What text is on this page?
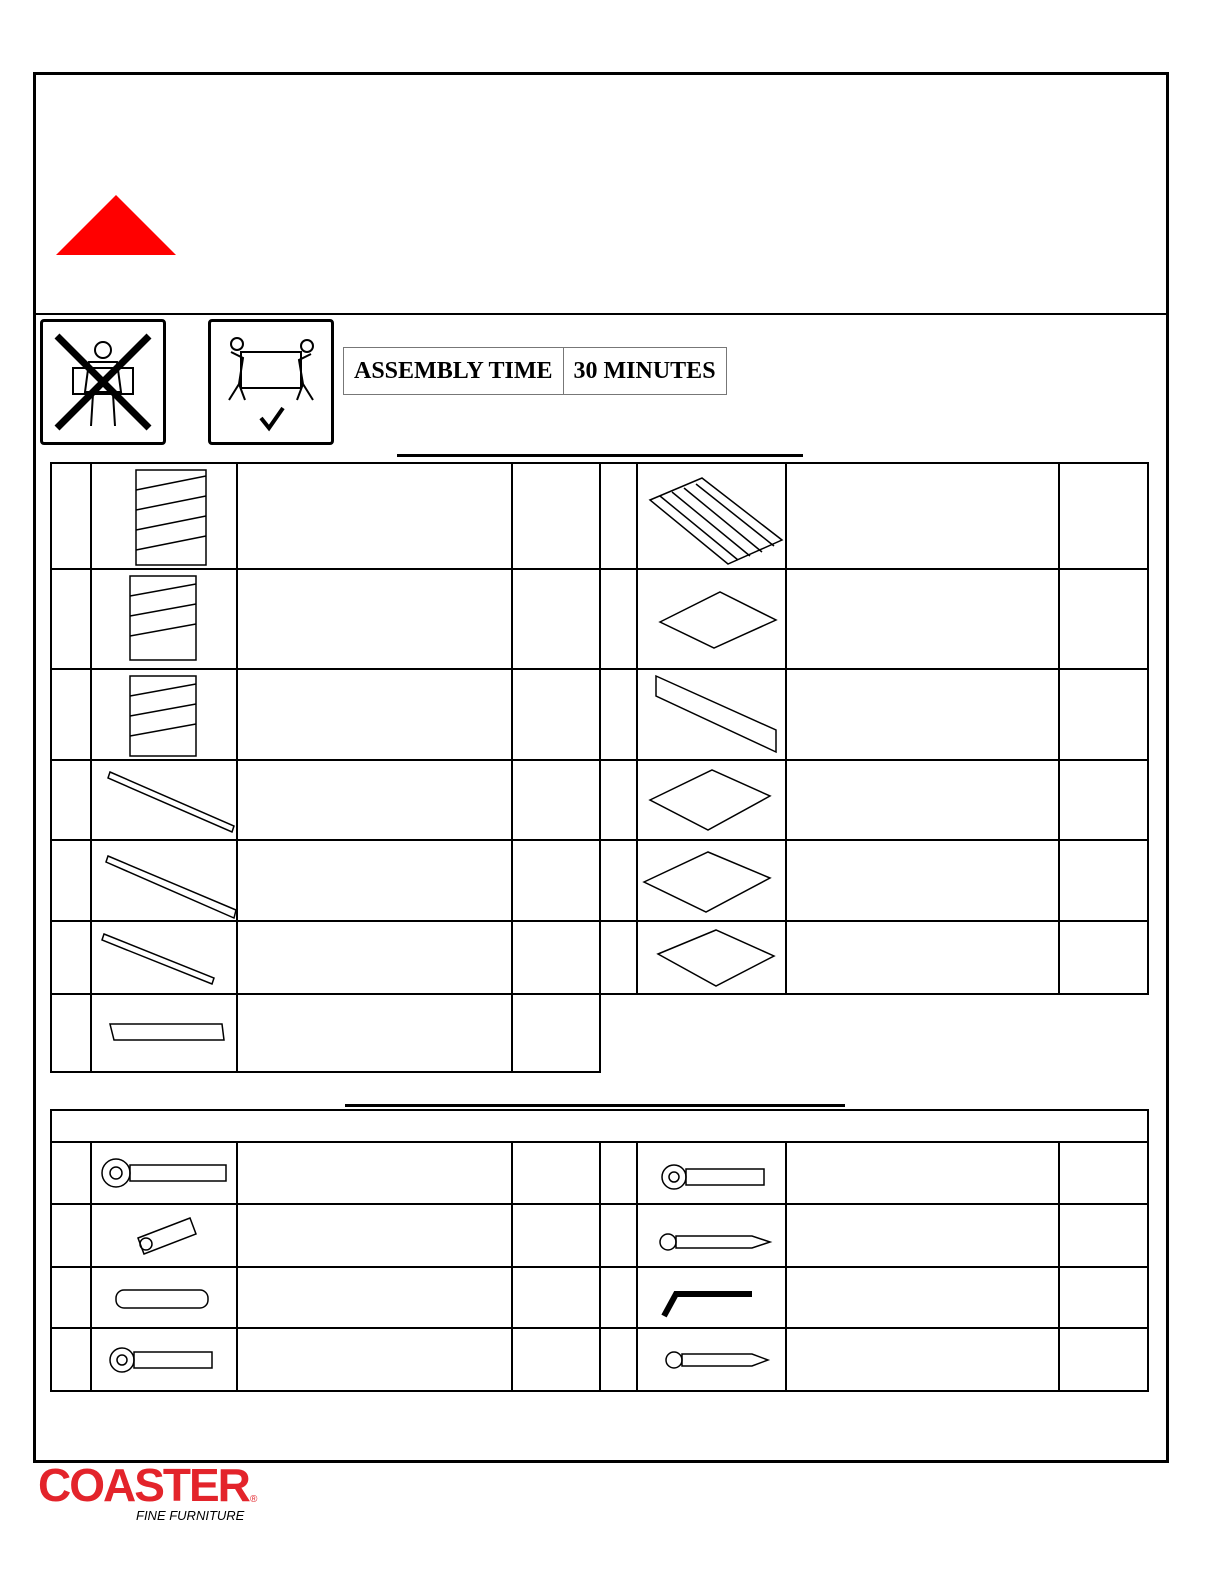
ASSEMBLY TIME 30 MINUTES
COASTER ®
FINE FURNITURE
